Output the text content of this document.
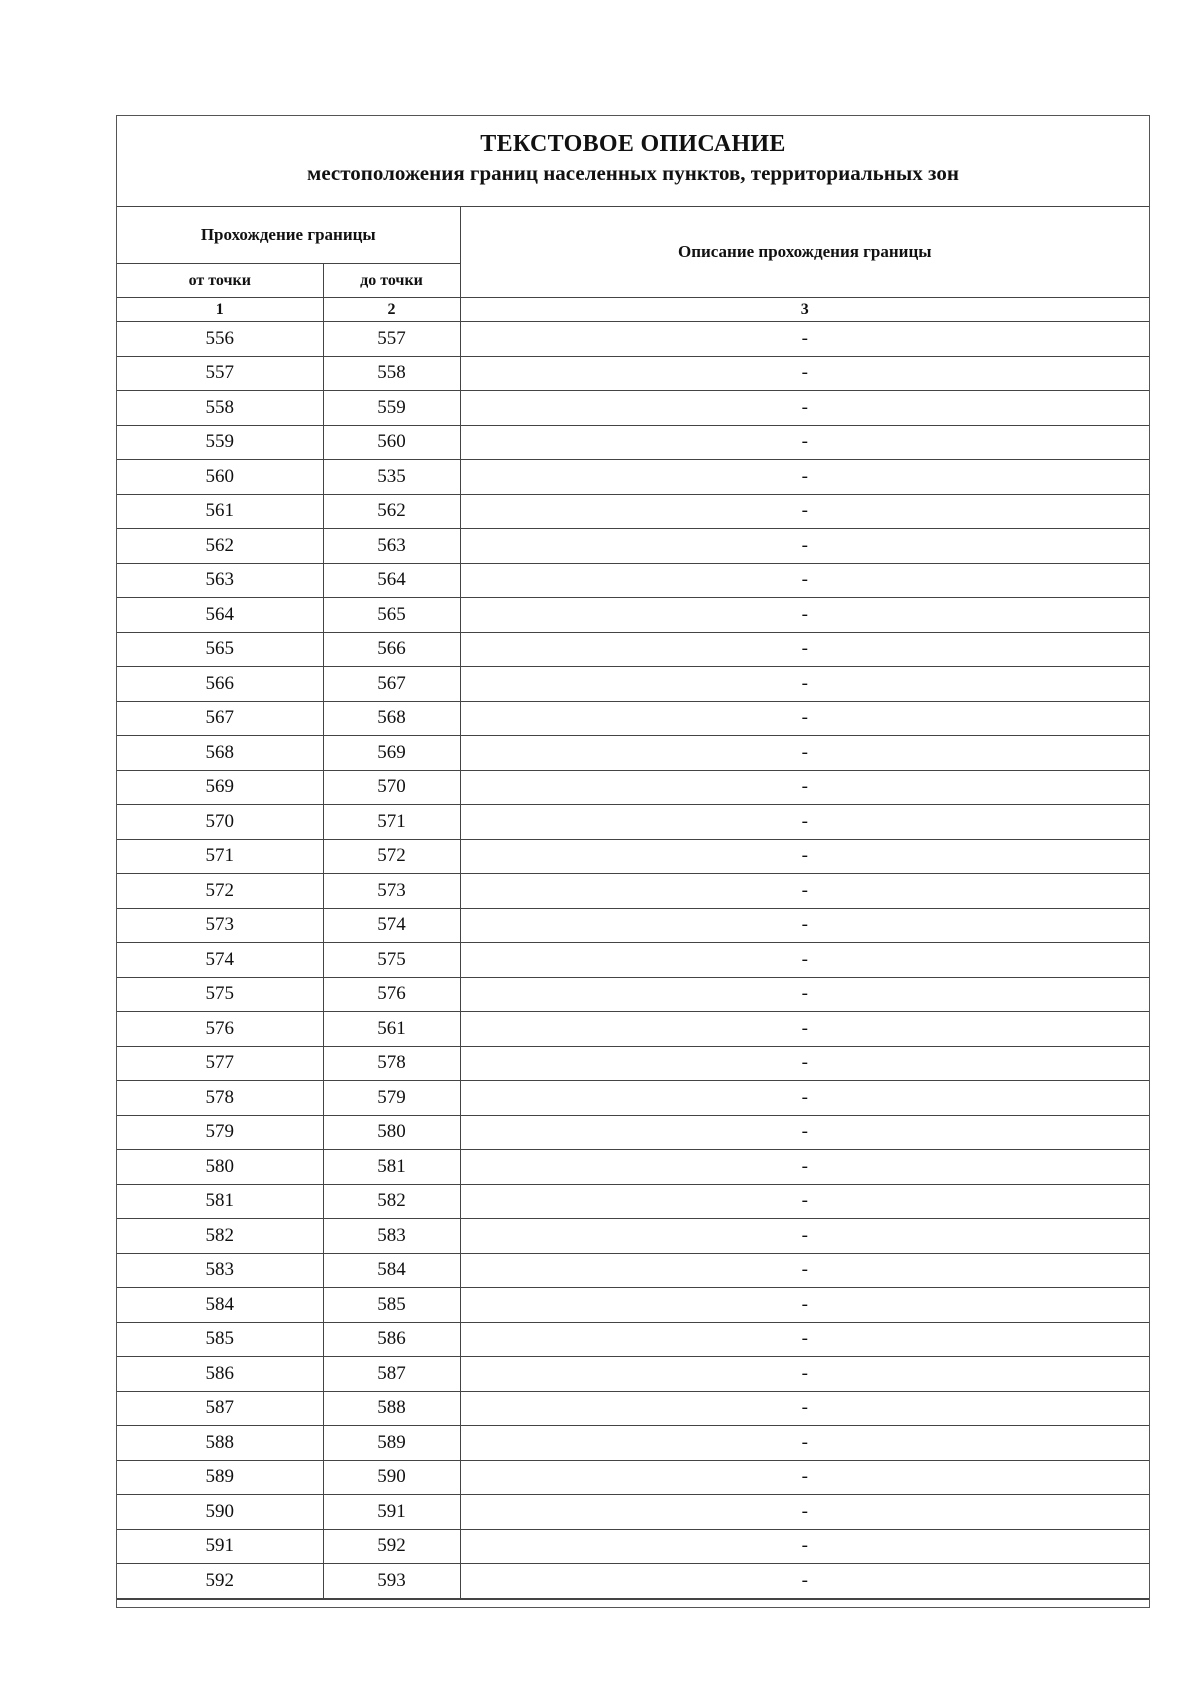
ТЕКСТОВОЕ ОПИСАНИЕ
местоположения границ населенных пунктов, территориальных зон
Прохождение границы		Описание прохождения границы
от точки	до точки	
1	2	3
556	557	-
557	558	-
558	559	-
559	560	-
560	535	-
561	562	-
562	563	-
563	564	-
564	565	-
565	566	-
566	567	-
567	568	-
568	569	-
569	570	-
570	571	-
571	572	-
572	573	-
573	574	-
574	575	-
575	576	-
576	561	-
577	578	-
578	579	-
579	580	-
580	581	-
581	582	-
582	583	-
583	584	-
584	585	-
585	586	-
586	587	-
587	588	-
588	589	-
589	590	-
590	591	-
591	592	-
592	593	-
